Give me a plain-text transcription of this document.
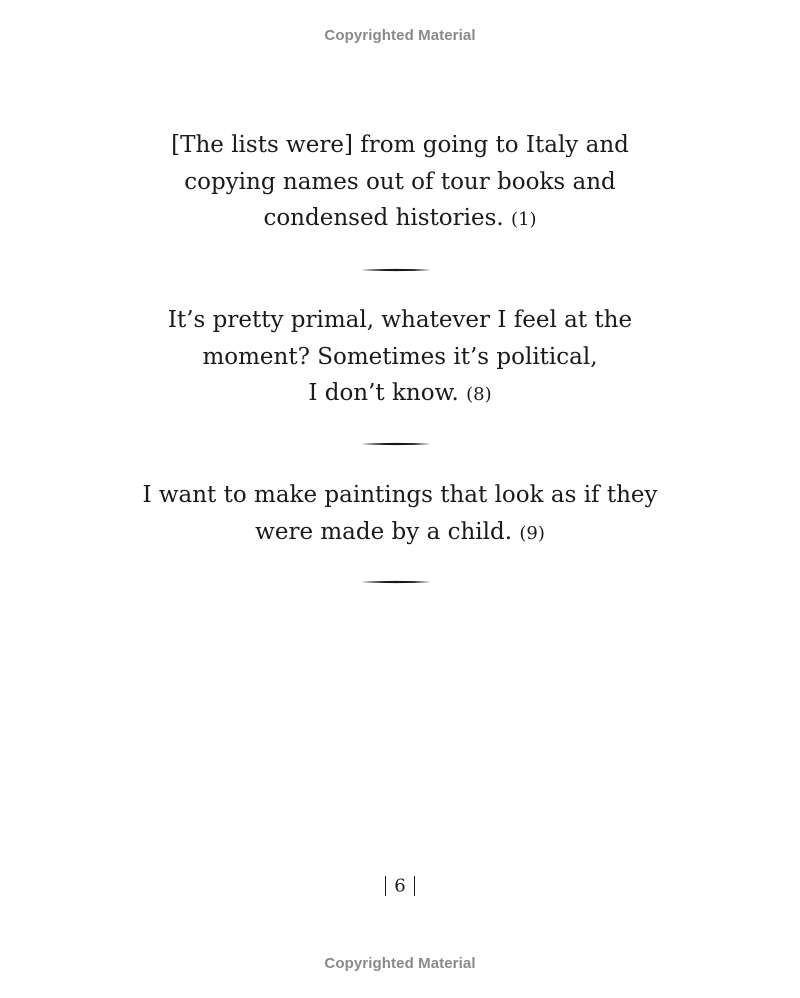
Copyrighted Material
[The lists were] from going to Italy and
copying names out of tour books and
condensed histories. (1)
It’s pretty primal, whatever I feel at the
moment? Sometimes it’s political,
I don’t know. (8)
I want to make paintings that look as if they
were made by a child. (9)
6
Copyrighted Material
